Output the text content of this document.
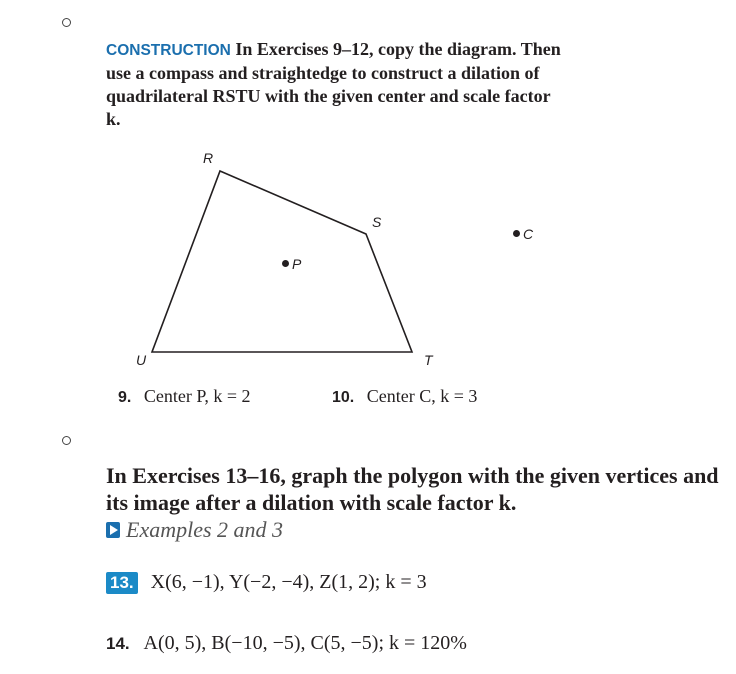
CONSTRUCTION In Exercises 9–12, copy the diagram. Then use a compass and straightedge to construct a dilation of quadrilateral RSTU with the given center and scale factor k.
R
S
T
U
P
C
9. Center P, k = 2	10. Center C, k = 3
In Exercises 13–16, graph the polygon with the given vertices and its image after a dilation with scale factor k.
Examples 2 and 3
13. X(6, −1), Y(−2, −4), Z(1, 2); k = 3
14. A(0, 5), B(−10, −5), C(5, −5); k = 120%
